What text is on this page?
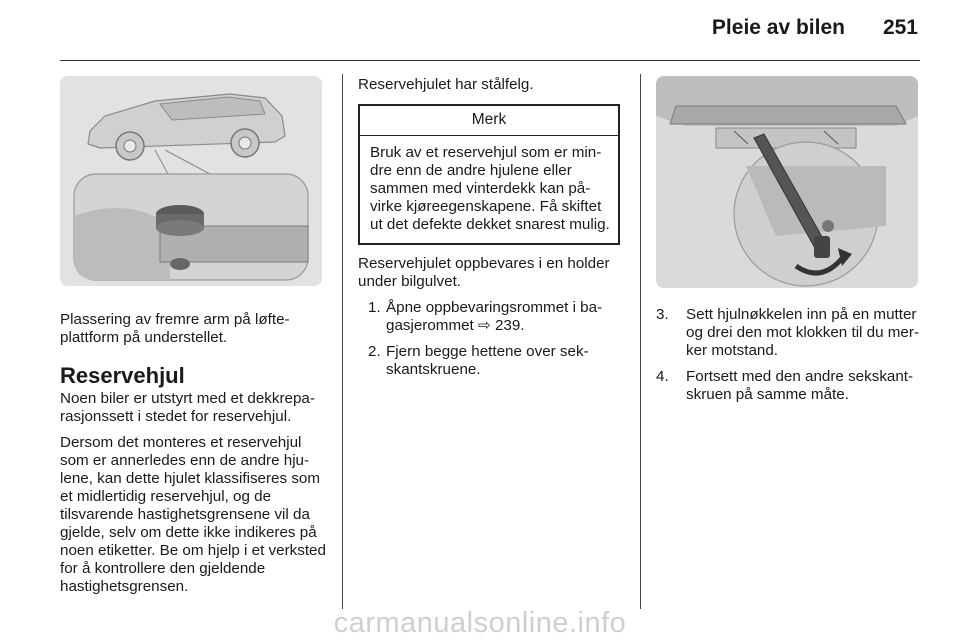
Pleie av bilen 251

Plassering av fremre arm på løfteplattform på understellet.

Reservehjul

Noen biler er utstyrt med et dekkreparasjonssett i stedet for reservehjul.

Dersom det monteres et reservehjul som er annerledes enn de andre hjulene, kan dette hjulet klassifiseres som et midlertidig reservehjul, og de tilsvarende hastighetsgrensene vil da gjelde, selv om dette ikke indikeres på noen etiketter. Be om hjelp i et verksted for å kontrollere den gjeldende hastighetsgrensen.

Reservehjulet har stålfelg.

Merk

Bruk av et reservehjul som er mindre enn de andre hjulene eller sammen med vinterdekk kan påvirke kjøreegenskapene. Få skiftet ut det defekte dekket snarest mulig.

Reservehjulet oppbevares i en holder under bilgulvet.

1. Åpne oppbevaringsrommet i bagasjerommet ⇨ 239.
2. Fjern begge hettene over sekskantskruene.
3. Sett hjulnøkkelen inn på en mutter og drei den mot klokken til du merker motstand.
4. Fortsett med den andre sekskantskruen på samme måte.
carmanualsonline.info
